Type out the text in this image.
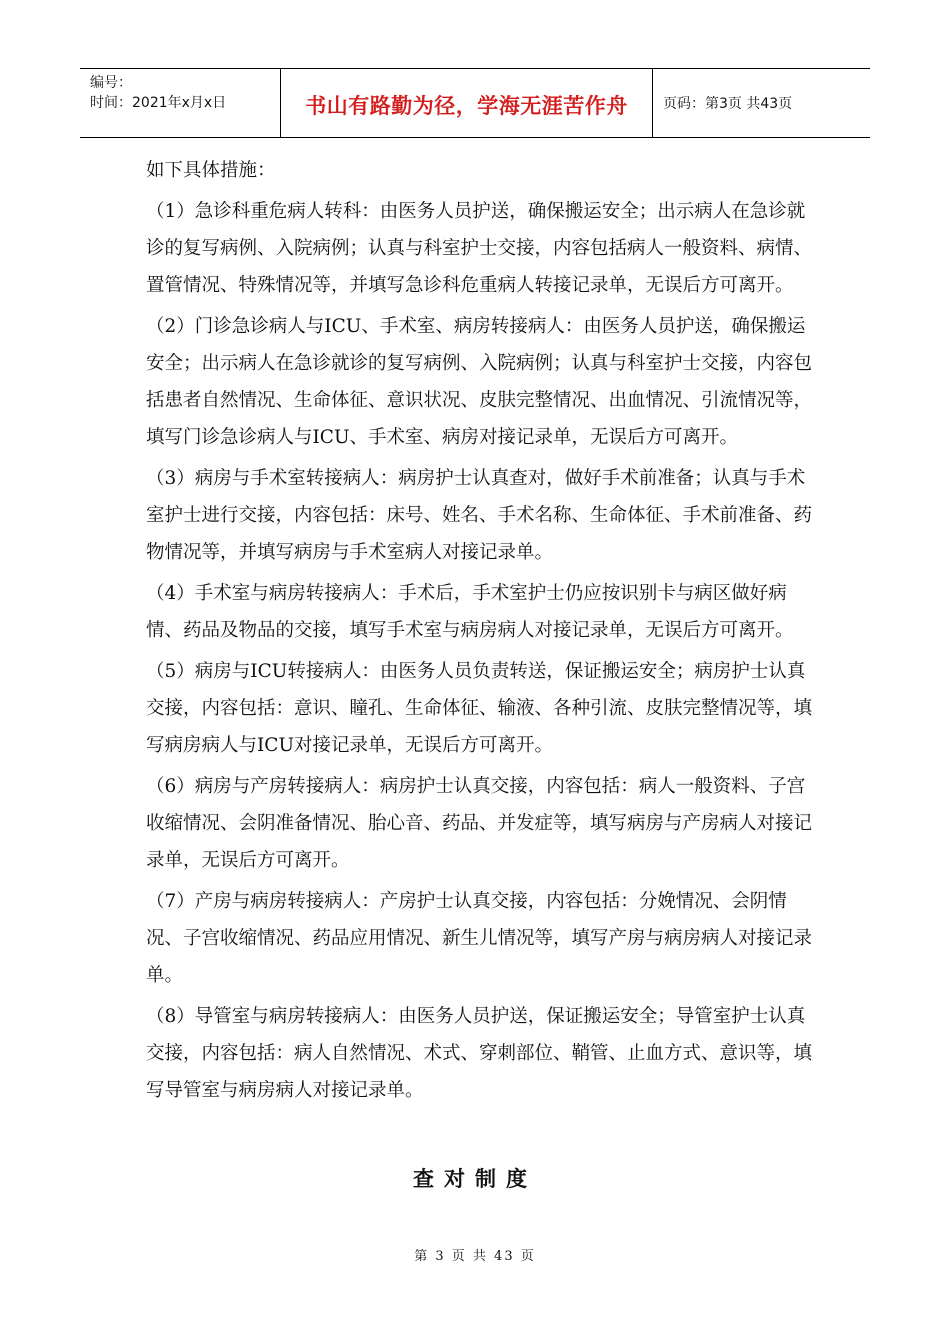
编号：
时间：2021年x月x日	书山有路勤为径，学海无涯苦作舟	页码：第3页 共43页

如下具体措施：

（1）急诊科重危病人转科：由医务人员护送，确保搬运安全；出示病人在急诊就诊的复写病例、入院病例；认真与科室护士交接，内容包括病人一般资料、病情、置管情况、特殊情况等，并填写急诊科危重病人转接记录单，无误后方可离开。

（2）门诊急诊病人与ICU、手术室、病房转接病人：由医务人员护送，确保搬运安全；出示病人在急诊就诊的复写病例、入院病例；认真与科室护士交接，内容包括患者自然情况、生命体征、意识状况、皮肤完整情况、出血情况、引流情况等，填写门诊急诊病人与ICU、手术室、病房对接记录单，无误后方可离开。

（3）病房与手术室转接病人：病房护士认真查对，做好手术前准备；认真与手术室护士进行交接，内容包括：床号、姓名、手术名称、生命体征、手术前准备、药物情况等，并填写病房与手术室病人对接记录单。

（4）手术室与病房转接病人：手术后，手术室护士仍应按识别卡与病区做好病情、药品及物品的交接，填写手术室与病房病人对接记录单，无误后方可离开。

（5）病房与ICU转接病人：由医务人员负责转送，保证搬运安全；病房护士认真交接，内容包括：意识、瞳孔、生命体征、输液、各种引流、皮肤完整情况等，填写病房病人与ICU对接记录单，无误后方可离开。

（6）病房与产房转接病人：病房护士认真交接，内容包括：病人一般资料、子宫收缩情况、会阴准备情况、胎心音、药品、并发症等，填写病房与产房病人对接记录单，无误后方可离开。

（7）产房与病房转接病人：产房护士认真交接，内容包括：分娩情况、会阴情况、子宫收缩情况、药品应用情况、新生儿情况等，填写产房与病房病人对接记录单。

（8）导管室与病房转接病人：由医务人员护送，保证搬运安全；导管室护士认真交接，内容包括：病人自然情况、术式、穿刺部位、鞘管、止血方式、意识等，填写导管室与病房病人对接记录单。

查对制度
第 3 页 共 43 页
